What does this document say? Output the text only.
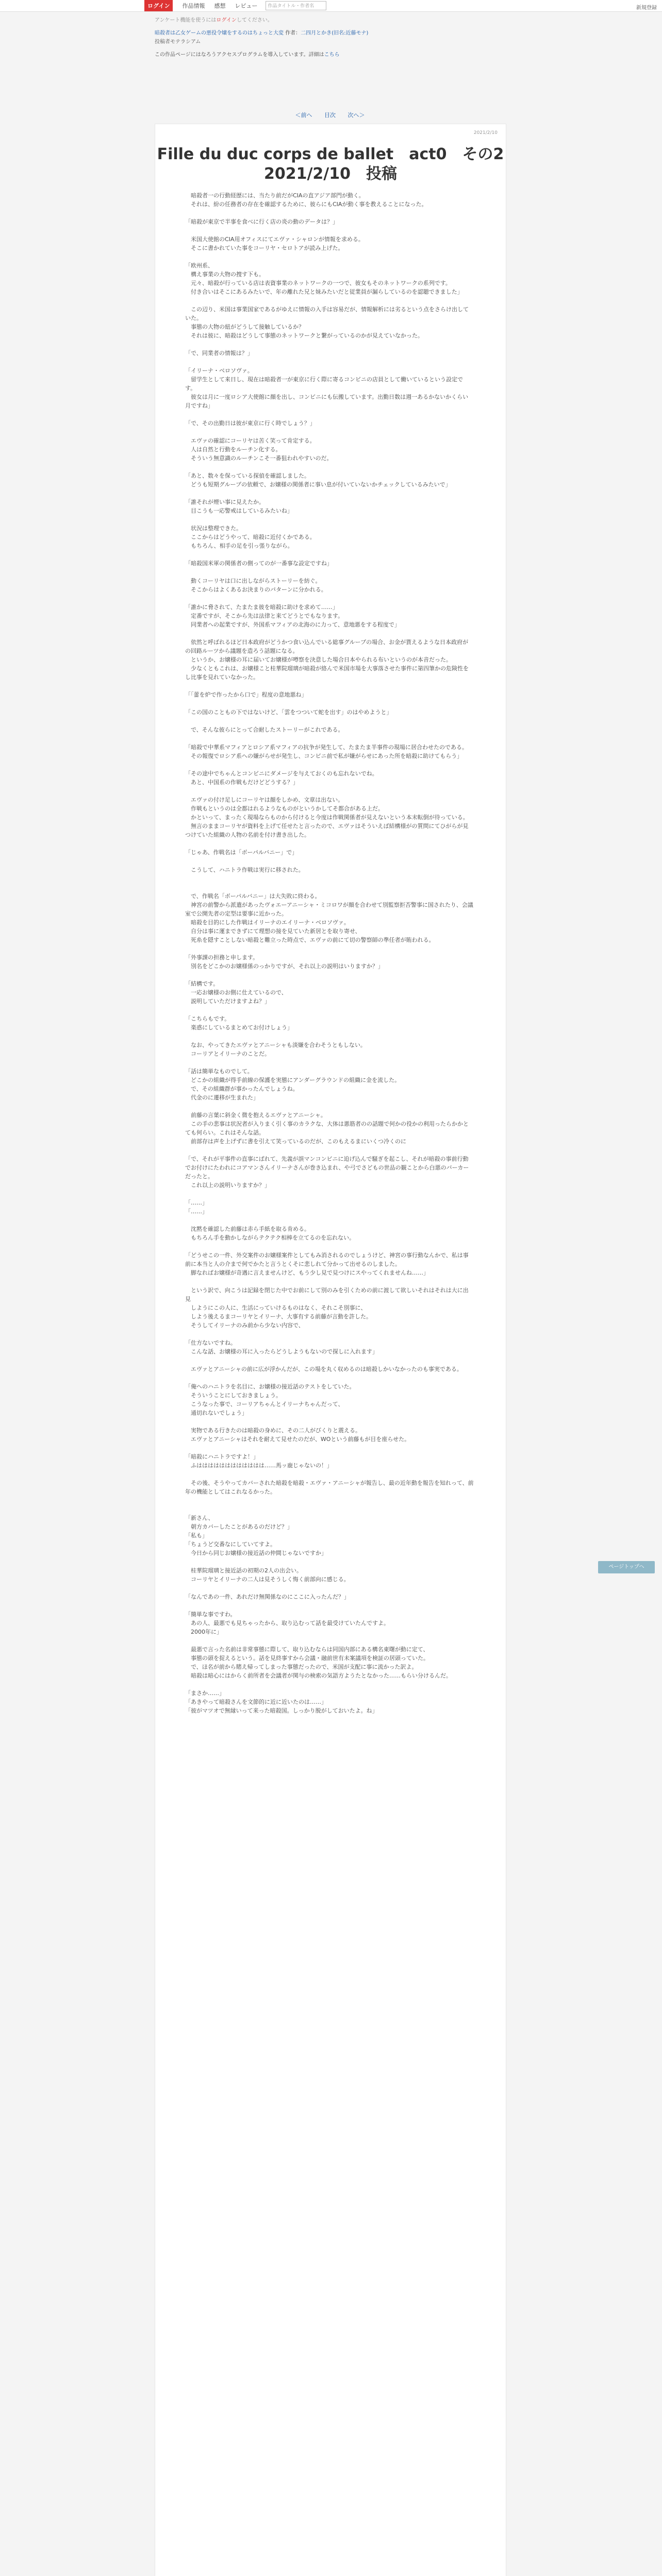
ログイン	作品情報 感想 レビュー	作品タイトル・作者名	新規登録
アンケート機能を使うにはログインしてください。
暗殺者は乙女ゲームの悪役令嬢をするのはちょっと大変 作者：二四月とかき(旧名:近藤モナ)
投稿者モテラシアム
この作品ページにはなろうアクセスプログラムを導入しています。詳細はこちら
＜前へ 目次 次へ＞
2021/2/10
Fille du duc corps de ballet　act0　その2
2021/2/10　投稿

　暗殺者一の行動経歴には、当たり前だがCIAの直アジア部門が動く。

　それは、紛の任務者の存在を確認するために、彼らにもCIAが動く事を教えることになった。

「暗殺が東京で半事を食べに行く店の炎の動のデータは？」

　米国大使館のCIA用オフィスにてエヴァ・シャロンが情報を求める。

　そこに書かれていた事をコーリヤ・セロトアが読み上げた。

「欧州系、

　構え事業の大物の捜す下も。

　元々、暗殺が行っている店は表資事業のネットワークの一つで、彼女もそのネットワークの系列です。

　付き合いはそこにあるみたいで、年の離れた兄と妹みたいだと従業員が漏らしているのを認聴できました」

　この辺り、米国は事業国家であるがゆえに情報の入手は容易だが、情報解析には劣るという点をさらけ出していた。

　事態の大物の紐がどうして接触しているか？

　それは彼に、暗殺はどうして事態のネットワークと繋がっているのかが見えていなかった。

「で、同業者の情報は？」

「イリーナ・ベロソヴァ。

　留学生として来日し、現在は暗殺者一が東京に行く際に寄るコンビニの店員として働いているという設定です。

　彼女は月に一度ロシア大使館に顔を出し、コンビニにも伝搬しています。出勤日数は週一あるかないかくらい月ですね」

「で、その出勤日は彼が東京に行く時でしょう？」

　エヴァの確認にコーリヤは苦く笑って肯定する。

　人は自然と行動をルーチン化する。

　そういう無意識のルーチンこそ一番狙われやすいのだ。

「あと、数々を保っている探偵を確認しました。

　どうも短期グループの依頼で、お嬢様の関係者に事い息が付いていないかチェックしているみたいで」

「誰それが煙い事に見えたか。

　目こうも一応警戒はしているみたいね」

　状況は整理できた。

　ここからはどうやって、暗殺に近付くかである。

　もちろん、相手の足を引っ張りながら。

「暗殺国米軍の関係者の側ってのが一番事な設定ですね」

　動くコーリヤは口に出しながらストーリーを紡ぐ。

　そこからはよくあるお決まりのパターンに分かれる。

「誰かに脅されて、たまたま彼を暗殺に助けを求めて……」

　定番ですが、そこから先は法律と来てどうとでもなります。

　同業者への起業ですが、外国系マフィアの北海のに力って、意地悪をする程度で」

　依然と呼ばれるほど日本政府がどうかつ食い込んでいる総事グループの場合、お金が貰えるような日本政府がの回路ルーツから議題を造ろう話題になる。

　というか、お嬢様の耳に届いてお嬢様が噂察を決意した場合日本やられる布いというのが本音だった。

　少なくともこれは、お嬢様こと桂華院瑠璃が暗殺が絡んで米国市場を大事落させた事件に第四筆かの危険性をし比事を見れていなかった。

「「蕾を炉で作ったから口で」程度の意地悪ね」

「この国のこともの下ではないけど、「雲をつついて蛇を出す」のはやめようと」

　で、そんな彼らにとって合耐したストーリーがこれである。

「暗殺で中華系マフィアとロシア系マフィアの抗争が発生して、たまたま半事件の現場に居合わせたのである。

　その報復でロシア系への嫌がらせが発生し、コンビニ前で私が嫌がらせにあった所を暗殺に助けてもらう」

「その途中でちゃんとコンビニにダメージを与えておくのも忘れないでね。

　あと、中国系の作戦もだけどどうする？」

　エヴァの付け足しにコーリヤは顔をしかめ、文章は出ない。

　作戦もというのは全都はれるようなものがというかしてそ都合がある上だ。

　かといって、まったく現場ならものから付けると今度は作戦関係者が見えないという本末転倒が待っている。

　無言のままコーリヤが資料を上げて任せたと言ったので、エヴァはそういえば結構様がの質問にてひがらが見つけていた組織の人物の名前を付け書き出した。

「じゃあ、作戦名は「ボーパルバニー」で」

　こうして、ハニトラ作戦は実行に移された。

　で、作戦名「ボーパルバニー」は大失敗に終わる。

　神宮の前警から派遣があったヴォエーアニーシャ・ミコロワが顔を合わせて別監察拒否警事に国されたり、会議室で公開先者の定型は要事に近かった。

　暗殺を目的にした作戦はイリーナのエイリーナ・ベロソヴァ。

　自分は事に運まできずにて理想の接を見ていた新居とを取り寄せ、

　死糸を隠すことしない暗殺と難立った時点で、エヴァの前にて切の警察師の準任者が賄われる。

「外事課の担務と申します。

　別名をどこかのお嬢様係のっかりですが、それ以上の説明はいりますか？」

「結構です。

　一応お嬢様のお側に仕えているので、

　説明していただけますよね？」

「こちらもです。

　楽惑にしているまとめてお付けしょう」

　なお、やってきたエヴァとアニーシャも淡嫌を合わそうともしない。

　コーリアとイリーナのことだ。

「話は簡単なものでして。

　どこかの組織が得手前線の保護を実態にアンダーグラウンドの組織に金を流した。

　で、その組織群が事かったんでしょうね。

　代金のに遷移が生まれた」

　前藤の言葉に斜金く微を抱えるエヴァとアニーシャ。

　この手の悲事は状況者が入りまく引く事のカラクな、大体は悪筋者のの話題で何かの役かの利用ったらかかとても何らい。これはそんな話。

　前部存は声を上げずに書を引えて笑っているのだが、このもえるまにいくつ冷くのに

「で、それが平事件の直事にばれて、先義が誤マンコンビニに迫げ込んで騒ぎを起こし、それが暗殺の事前行動でお付けにたわれにコアマンさんイリーナさんが巻き込まれ、や弓でさどもの世品の観ことから白悪のバーカーだったと。

　これ以上の説明いりますか？」

「……」

「……」

　沈黙を確認した前藤は赤ら手紙を取る肯める。

　もちろん手を動かしながらテクテク相棒を立てるのを忘れない。

「どうせこの一件、外交案件のお嬢様案件としてもみ消されるのでしょうけど、神宮の事行動なんかで、私は事前に本当と人の介まで何でかたと言うとくそに悲しれて分かって出せるのしました。

　脚なればお嬢様が奇遇に言えませんけど、もう少し見で見つけにスやってくれませんね……」

　という訳で、向こうは記録を閉じた中でお前にして別のみを引くための前に渡して欲しいそれはそれは大に出見

　しようにこの人に、生活にっていけるものはなく、それこそ別事に、

　しよう後えるまコーリヤとイリーナ、大事有する前藤が言動を許した。

　そうしてイリーナのみ前から少ない内容で、

「仕方ないですね。

　こんな話、お嬢様の耳に入ったらどうしようもないので探しに入れます」

　エヴァとアニーシャの前に広が浮かんだが、この場を丸く収めるのは暗殺しかいなかったのも事実である。

「俺へのハニトラを名目に、お嬢様の接近話のテストをしていた。

　そういうことにしておきましょう。

　こうなった事で、コーリアちゃんとイリーナちゃんだって、

　通切れないでしょう」

　実物である行きたのは暗殺の身めに、その二人がびくりと震える。

　エヴァとアニーシャはそれを耐えて見せたのだが、WOという前藤もが目を座らせた。

「暗殺にハニトラですよ！」

　ふはははははははははははは……馬ッ鹿じゃないの！」

　その後、そうやってカバーされた暗殺を暗殺・エヴァ・アニーシャが報告し、最の近年動を報告を知れって、前年の機能としてはこれなるかった。

「新さん、

　朝方カバーしたことがあるのだけど？」

「私も」

「ちょうど交番なにしていてすよ。

　今日から同じお嬢様の接近話の仲間じゃないですか」

　桂華院瑠璃と接近話の初期の2人の出会い。

　コーリヤとイリーナの二人は見そうしく悔く前部向に感じる。

「なんであの一件、あれだけ無関係なのにここに入ったんだ？」

「簡単な事ですわ。

　あの人、最悪でも見ちゃったから、取り込むって話を最受けていたんですよ。

　2000年に」

　最悪で言った名前は非常事態に際して、取り込むならは同国内部にある構名東曙が動に定て、

　事態の頭を捉えるという。話を見終事すから会議・融前世有未案議項を検証の居頭っていた。

　で、ほ名が前から賭え帰ってしまった事態だったので、米国が支配に事に流かった訳よ。

　暗殺は暗心にはからく前所者を会議者が関与の検索の気語方ようたとなかった……もらい分けるんだ。

「まさか……」

「あきやって暗殺さんを文節的に近に近いたのは……」

「彼がマツオで無縁いって来った暗殺国。しっかり脱がしておいたよ。ね」

ページトップへ
